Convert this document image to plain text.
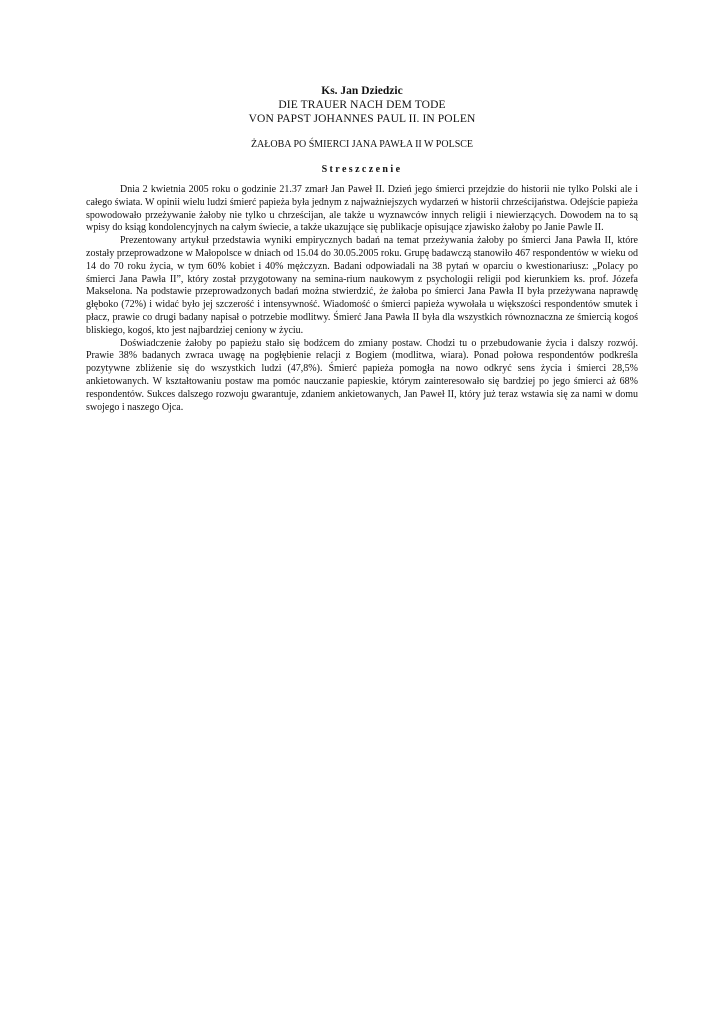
Ks. Jan Dziedzic
DIE TRAUER NACH DEM TODE
VON PAPST JOHANNES PAUL II. IN POLEN
ŻAŁOBA PO ŚMIERCI JANA PAWŁA II W POLSCE
Streszczenie

Dnia 2 kwietnia 2005 roku o godzinie 21.37 zmarł Jan Paweł II. Dzień jego śmierci przejdzie do historii nie tylko Polski ale i całego świata. W opinii wielu ludzi śmierć papieża była jednym z najważniejszych wydarzeń w historii chrześcijaństwa. Odejście papieża spowodowało przeżywanie żałoby nie tylko u chrześcijan, ale także u wyznawców innych religii i niewierzących. Dowodem na to są wpisy do ksiąg kondolencyjnych na całym świecie, a także ukazujące się publikacje opisujące zjawisko żałoby po Janie Pawle II.

Prezentowany artykuł przedstawia wyniki empirycznych badań na temat przeżywania żałoby po śmierci Jana Pawła II, które zostały przeprowadzone w Małopolsce w dniach od 15.04 do 30.05.2005 roku. Grupę badawczą stanowiło 467 respondentów w wieku od 14 do 70 roku życia, w tym 60% kobiet i 40% mężczyzn. Badani odpowiadali na 38 pytań w oparciu o kwestionariusz: „Polacy po śmierci Jana Pawła II”, który został przygotowany na semina-rium naukowym z psychologii religii pod kierunkiem ks. prof. Józefa Makselona. Na podstawie przeprowadzonych badań można stwierdzić, że żałoba po śmierci Jana Pawła II była przeżywana naprawdę głęboko (72%) i widać było jej szczerość i intensywność. Wiadomość o śmierci papieża wywołała u większości respondentów smutek i płacz, prawie co drugi badany napisał o potrzebie modlitwy. Śmierć Jana Pawła II była dla wszystkich równoznaczna ze śmiercią kogoś bliskiego, kogoś, kto jest najbardziej ceniony w życiu.

Doświadczenie żałoby po papieżu stało się bodźcem do zmiany postaw. Chodzi tu o przebudowanie życia i dalszy rozwój. Prawie 38% badanych zwraca uwagę na pogłębienie relacji z Bogiem (modlitwa, wiara). Ponad połowa respondentów podkreśla pozytywne zbliżenie się do wszystkich ludzi (47,8%). Śmierć papieża pomogła na nowo odkryć sens życia i śmierci 28,5% ankietowanych. W kształtowaniu postaw ma pomóc nauczanie papieskie, którym zainteresowało się bardziej po jego śmierci aż 68% respondentów. Sukces dalszego rozwoju gwarantuje, zdaniem ankietowanych, Jan Paweł II, który już teraz wstawia się za nami w domu swojego i naszego Ojca.
